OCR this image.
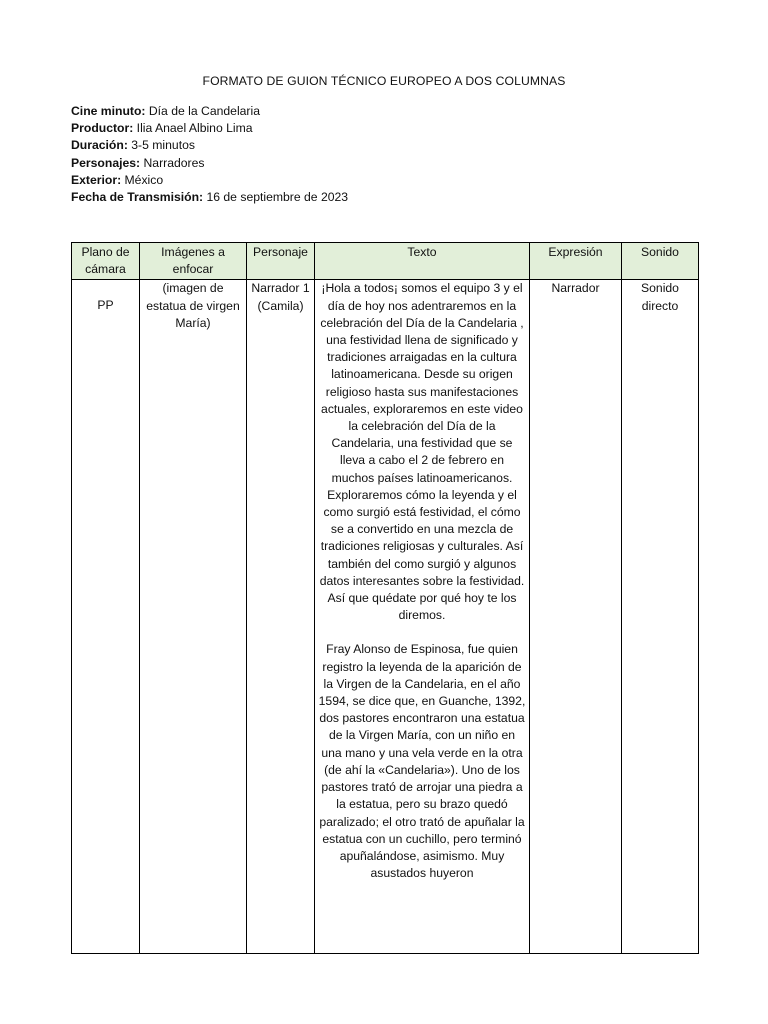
FORMATO DE GUION TÉCNICO EUROPEO A DOS COLUMNAS
Cine minuto: Día de la Candelaria
Productor: Ilia Anael Albino Lima
Duración: 3-5 minutos
Personajes: Narradores
Exterior: México
Fecha de Transmisión: 16 de septiembre de 2023
Plano de cámara	Imágenes a enfocar	Personaje	Texto	Expresión	Sonido
PP	(imagen de estatua de virgen María)	Narrador 1 (Camila)	¡Hola a todos¡ somos el equipo 3 y el día de hoy nos adentraremos en la celebración del Día de la Candelaria , una festividad llena de significado y tradiciones arraigadas en la cultura latinoamericana. Desde su origen religioso hasta sus manifestaciones actuales, exploraremos en este video la celebración del Día de la Candelaria, una festividad que se lleva a cabo el 2 de febrero en muchos países latinoamericanos. Exploraremos cómo la leyenda y el como surgió está festividad, el cómo se a convertido en una mezcla de tradiciones religiosas y culturales. Así también del como surgió y algunos datos interesantes sobre la festividad. Así que quédate por qué hoy te los diremos.

Fray Alonso de Espinosa, fue quien registro la leyenda de la aparición de la Virgen de la Candelaria, en el año 1594, se dice que, en Guanche, 1392, dos pastores encontraron una estatua de la Virgen María, con un niño en una mano y una vela verde en la otra (de ahí la «Candelaria»). Uno de los pastores trató de arrojar una piedra a la estatua, pero su brazo quedó paralizado; el otro trató de apuñalar la estatua con un cuchillo, pero terminó apuñalándose, asimismo. Muy asustados huyeron	Narrador	Sonido directo
